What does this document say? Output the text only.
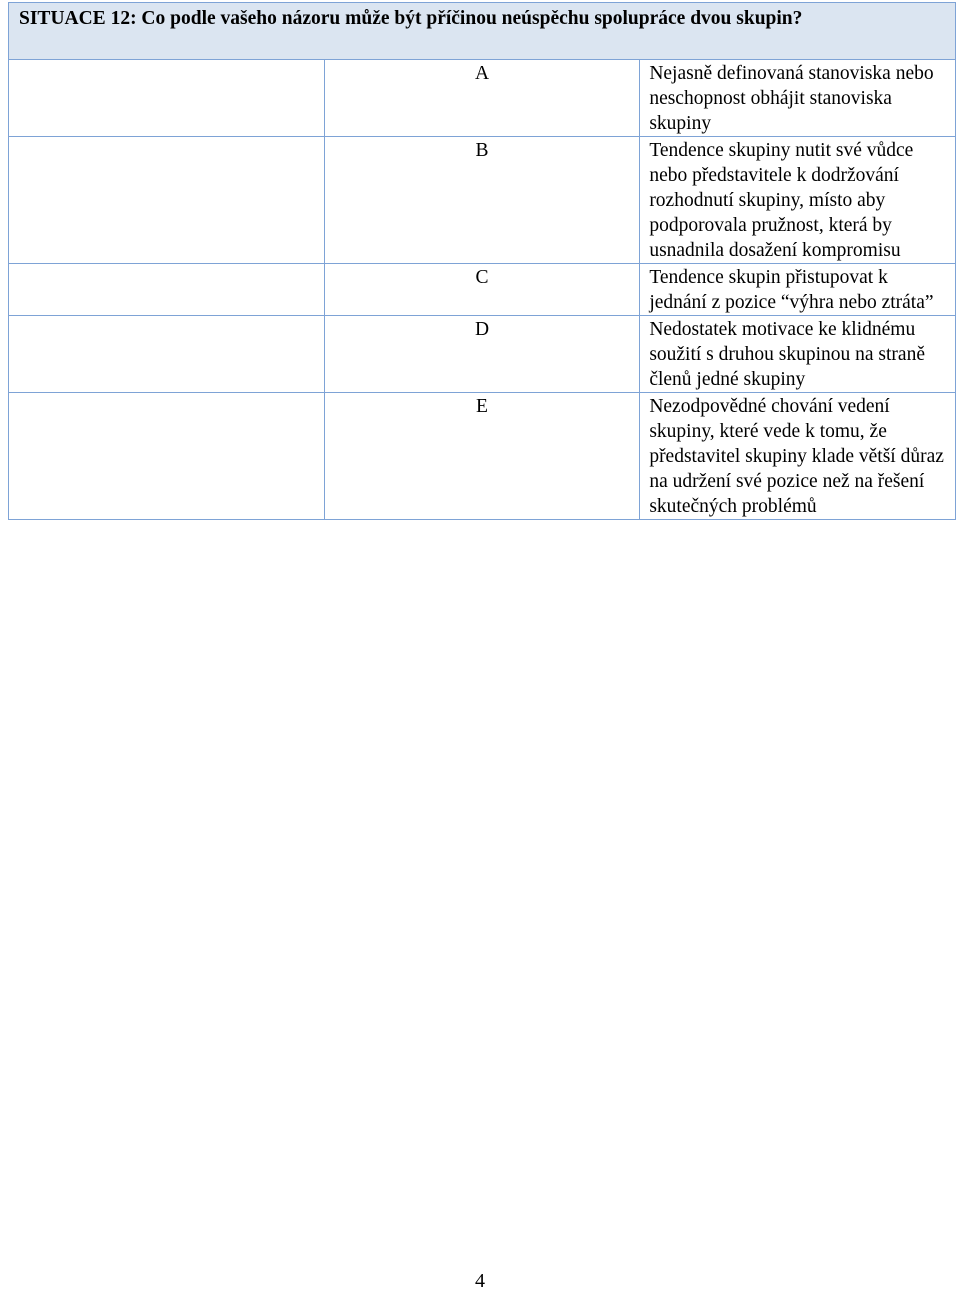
SITUACE 12: Co podle vašeho názoru může být příčinou neúspěchu spolupráce dvou skupin?		
	A	Nejasně definovaná stanoviska nebo neschopnost obhájit stanoviska skupiny
	B	Tendence skupiny nutit své vůdce nebo představitele k dodržování rozhodnutí skupiny, místo aby podporovala pružnost, která by usnadnila dosažení kompromisu
	C	Tendence skupin přistupovat k jednání z pozice “výhra nebo ztráta”
	D	Nedostatek motivace ke klidnému soužití s druhou skupinou na straně členů jedné skupiny
	E	Nezodpovědné chování vedení skupiny, které vede k tomu, že představitel skupiny klade větší důraz na udržení své pozice než na řešení skutečných problémů
4
